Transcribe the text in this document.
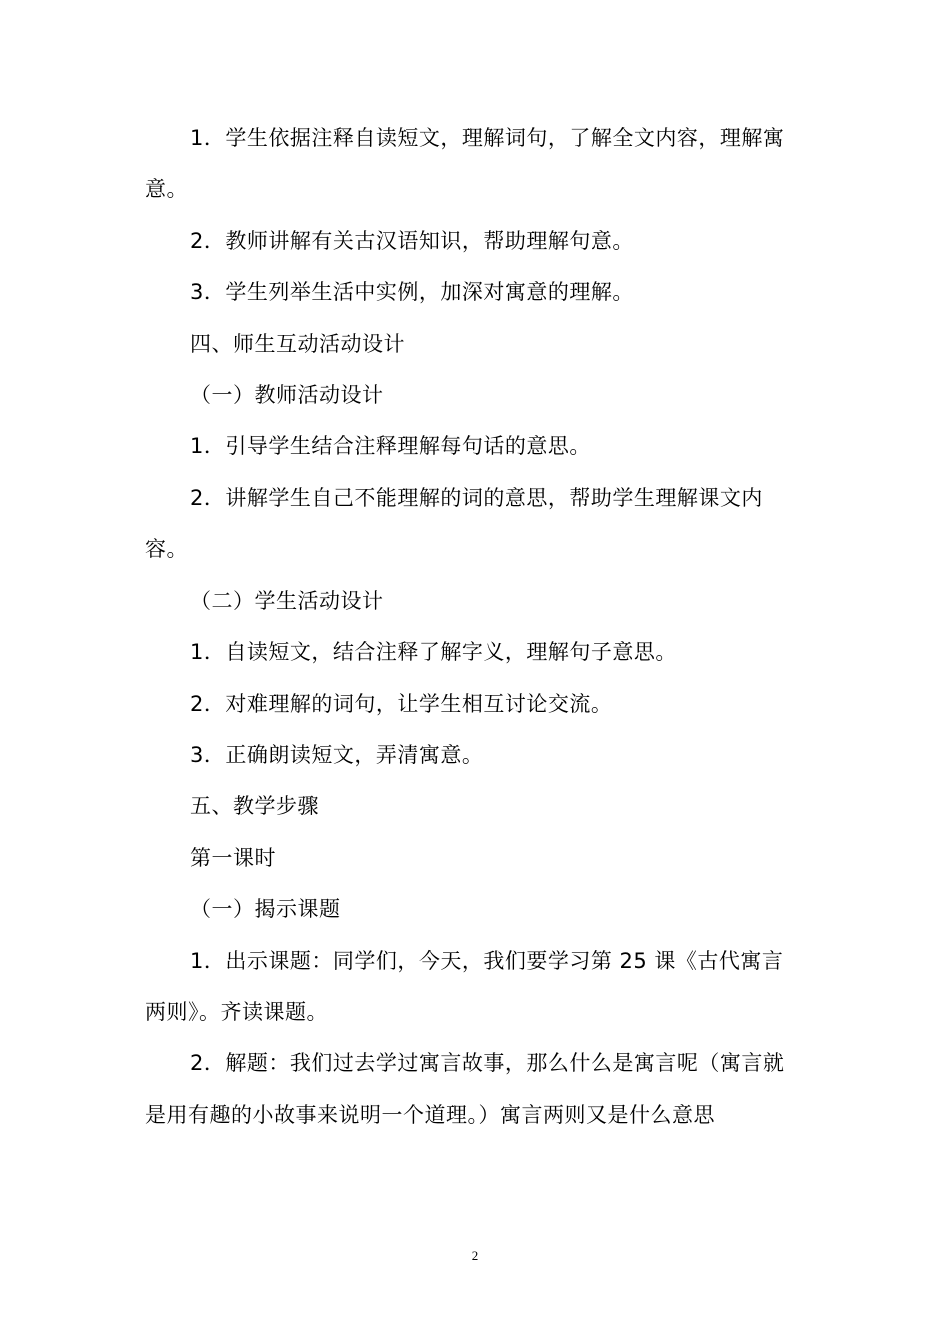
1．学生依据注释自读短文，理解词句，了解全文内容，理解寓
意。
2．教师讲解有关古汉语知识，帮助理解句意。
3．学生列举生活中实例，加深对寓意的理解。
四、师生互动活动设计
（一）教师活动设计
1．引导学生结合注释理解每句话的意思。
2．讲解学生自己不能理解的词的意思，帮助学生理解课文内
容。
（二）学生活动设计
1．自读短文，结合注释了解字义，理解句子意思。
2．对难理解的词句，让学生相互讨论交流。
3．正确朗读短文，弄清寓意。
五、教学步骤
第一课时
（一）揭示课题
1．出示课题：同学们，今天，我们要学习第 25 课《古代寓言
两则》。齐读课题。
2．解题：我们过去学过寓言故事，那么什么是寓言呢（寓言就
是用有趣的小故事来说明一个道理。）寓言两则又是什么意思
2
